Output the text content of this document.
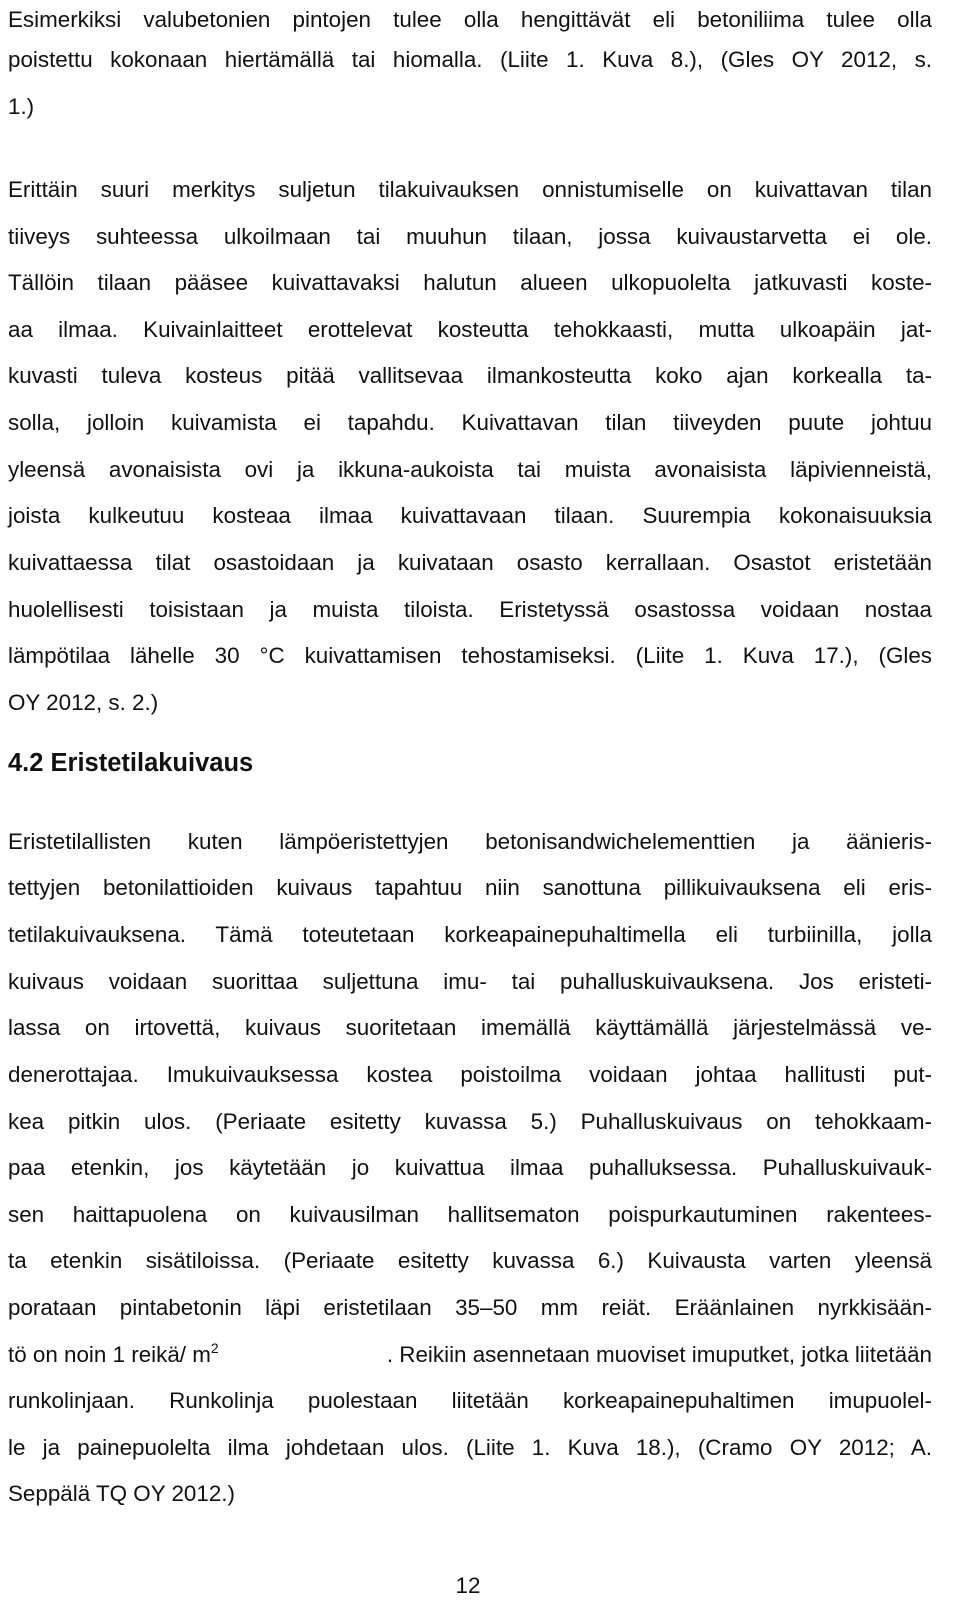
Esimerkiksi valubetonien pintojen tulee olla hengittävät eli betoniliima tulee olla
poistettu kokonaan hiertämällä tai hiomalla. (Liite 1. Kuva 8.), (Gles OY 2012, s.
1.)
Erittäin suuri merkitys suljetun tilakuivauksen onnistumiselle on kuivattavan tilan
tiiveys suhteessa ulkoilmaan tai muuhun tilaan, jossa kuivaustarvetta ei ole.
Tällöin tilaan pääsee kuivattavaksi halutun alueen ulkopuolelta jatkuvasti koste-
aa ilmaa. Kuivainlaitteet erottelevat kosteutta tehokkaasti, mutta ulkoapäin jat-
kuvasti tuleva kosteus pitää vallitsevaa ilmankosteutta koko ajan korkealla ta-
solla, jolloin kuivamista ei tapahdu. Kuivattavan tilan tiiveyden puute johtuu
yleensä avonaisista ovi ja ikkuna-aukoista tai muista avonaisista läpivienneistä,
joista kulkeutuu kosteaa ilmaa kuivattavaan tilaan. Suurempia kokonaisuuksia
kuivattaessa tilat osastoidaan ja kuivataan osasto kerrallaan. Osastot eristetään
huolellisesti toisistaan ja muista tiloista. Eristetyssä osastossa voidaan nostaa
lämpötilaa lähelle 30 °C kuivattamisen tehostamiseksi. (Liite 1. Kuva 17.), (Gles
OY 2012, s. 2.)
4.2 Eristetilakuivaus
Eristetilallisten kuten lämpöeristettyjen betonisandwichelementtien ja äänieris-
tettyjen betonilattioiden kuivaus tapahtuu niin sanottuna pillikuivauksena eli eris-
tetilakuivauksena. Tämä toteutetaan korkeapainepuhaltimella eli turbiinilla, jolla
kuivaus voidaan suorittaa suljettuna imu- tai puhalluskuivauksena. Jos eristeti-
lassa on irtovettä, kuivaus suoritetaan imemällä käyttämällä järjestelmässä ve-
denerottajaa. Imukuivauksessa kostea poistoilma voidaan johtaa hallitusti put-
kea pitkin ulos. (Periaate esitetty kuvassa 5.) Puhalluskuivaus on tehokkaam-
paa etenkin, jos käytetään jo kuivattua ilmaa puhalluksessa. Puhalluskuivauk-
sen haittapuolena on kuivausilman hallitsematon poispurkautuminen rakentees-
ta etenkin sisätiloissa. (Periaate esitetty kuvassa 6.) Kuivausta varten yleensä
porataan pintabetonin läpi eristetilaan 35–50 mm reiät. Eräänlainen nyrkkisään-
tö on noin 1 reikä/ $m^2$	. Reikiin asennetaan muoviset imuputket, jotka liitetään
runkolinjaan. Runkolinja puolestaan liitetään korkeapainepuhaltimen imupuolel-
le ja painepuolelta ilma johdetaan ulos. (Liite 1. Kuva 18.), (Cramo OY 2012; A.
Seppälä TQ OY 2012.)
12
